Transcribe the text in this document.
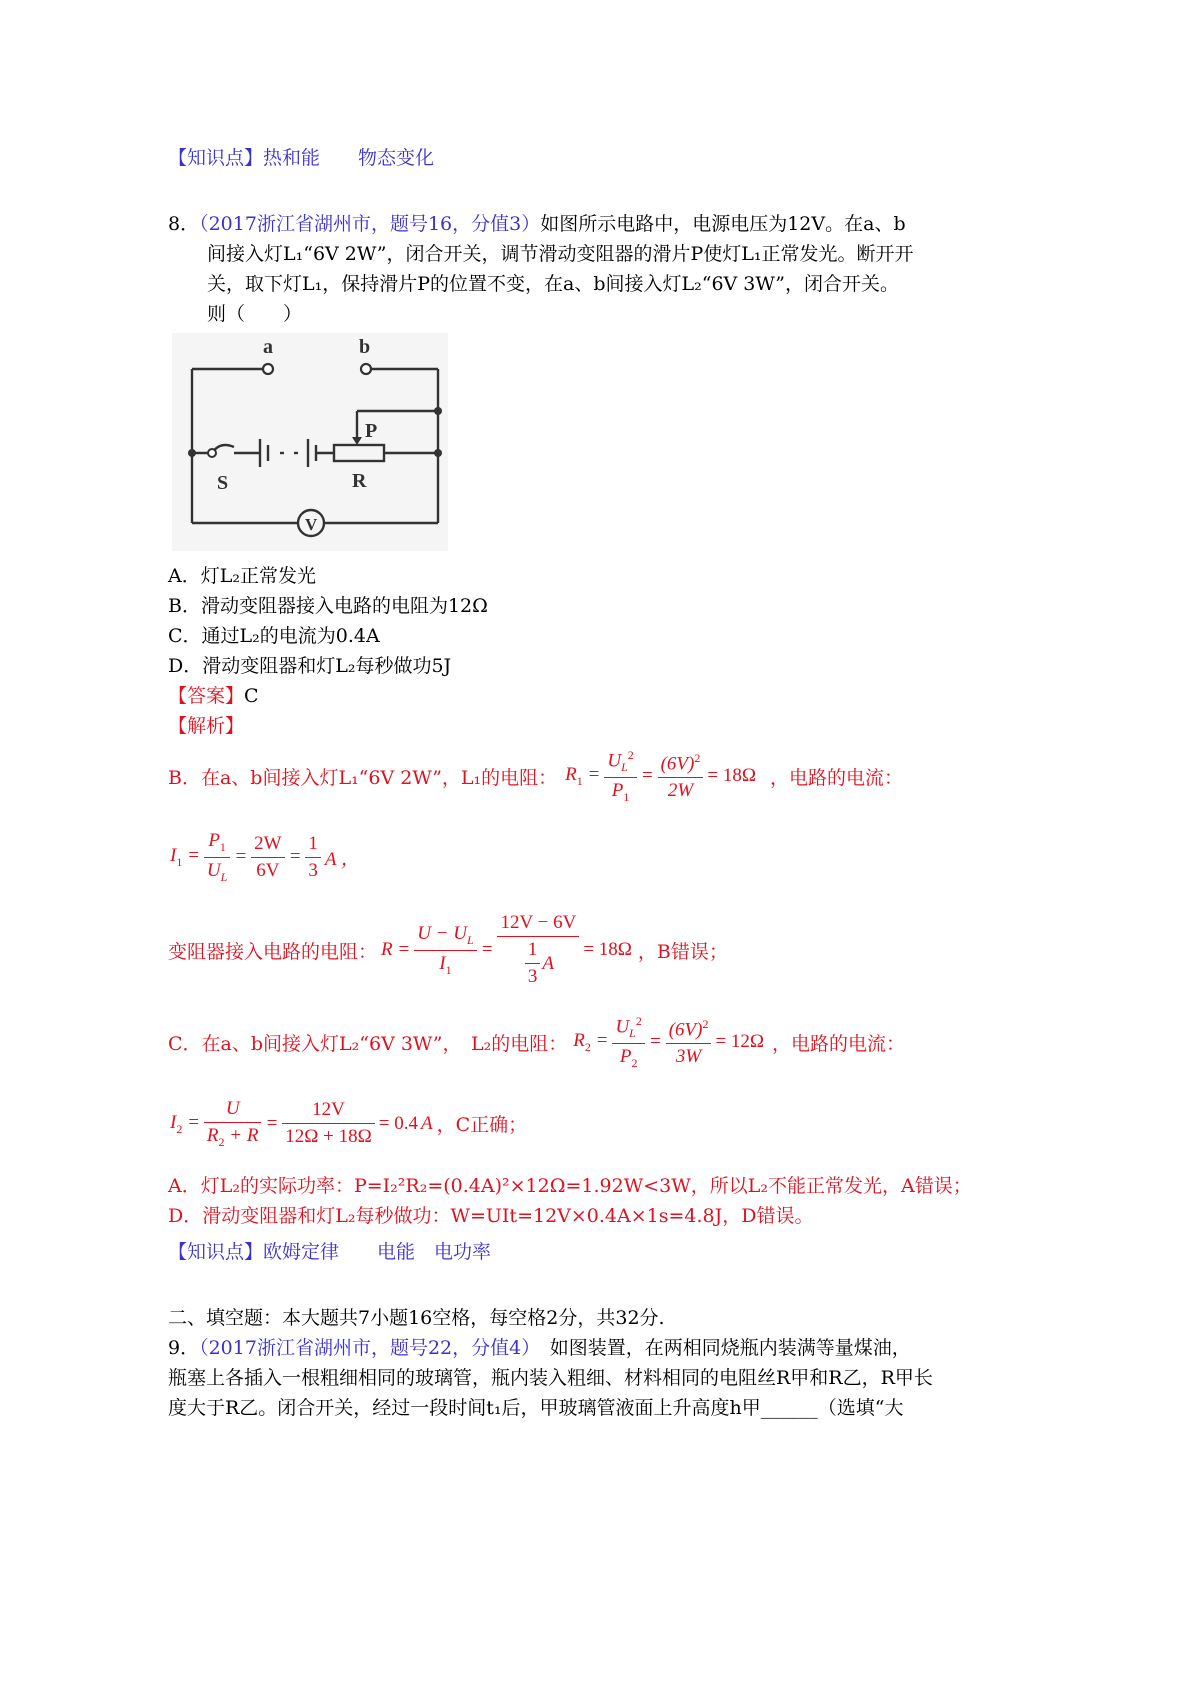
【知识点】热和能　　物态变化
8．（2017浙江省湖州市，题号16，分值3）如图所示电路中，电源电压为12V。在a、b
间接入灯L₁“6V 2W”，闭合开关，调节滑动变阻器的滑片P使灯L₁正常发光。断开开
关，取下灯L₁，保持滑片P的位置不变，在a、b间接入灯L₂“6V 3W”，闭合开关。
则（　　）
a	b
P
S	R
V
A．灯L₂正常发光
B．滑动变阻器接入电路的电阻为12Ω
C．通过L₂的电流为0.4A
D．滑动变阻器和灯L₂每秒做功5J
【答案】C
【解析】
B．在a、b间接入灯L₁“6V 2W”，L₁的电阻： $R_1 = \frac{U_L^2}{P_1} = \frac{(6V)^2}{2W} = 18\Omega$ ，电路的电流：
$I_1 = \frac{P_1}{U_L} = \frac{2W}{6V} = \frac{1}{3}$ A ，
变阻器接入电路的电阻： $R = \frac{U - U_L}{I_1} = \frac{12V - 6V}{\frac{1}{3} A} = 18\Omega$ ，B错误；
C．在a、b间接入灯L₂“6V 3W”，　L₂的电阻： $R_2 = \frac{U_L^2}{P_2} = \frac{(6V)^2}{3W} = 12\Omega$ ，电路的电流：
$I_2 = \frac{U}{R_2 + R} = \frac{12V}{12\Omega + 18\Omega} = 0.4$ A ，C正确；
A．灯L₂的实际功率：P=I₂²R₂=(0.4A)²×12Ω=1.92W<3W，所以L₂不能正常发光，A错误；
D．滑动变阻器和灯L₂每秒做功：W=UIt=12V×0.4A×1s=4.8J，D错误。
【知识点】欧姆定律　　电能　电功率
二、填空题：本大题共7小题16空格，每空格2分，共32分.
9．（2017浙江省湖州市，题号22，分值4）　如图装置，在两相同烧瓶内装满等量煤油，
瓶塞上各插入一根粗细相同的玻璃管，瓶内装入粗细、材料相同的电阻丝R甲和R乙，R甲长
度大于R乙。闭合开关，经过一段时间t₁后，甲玻璃管液面上升高度h甲______（选填“大
